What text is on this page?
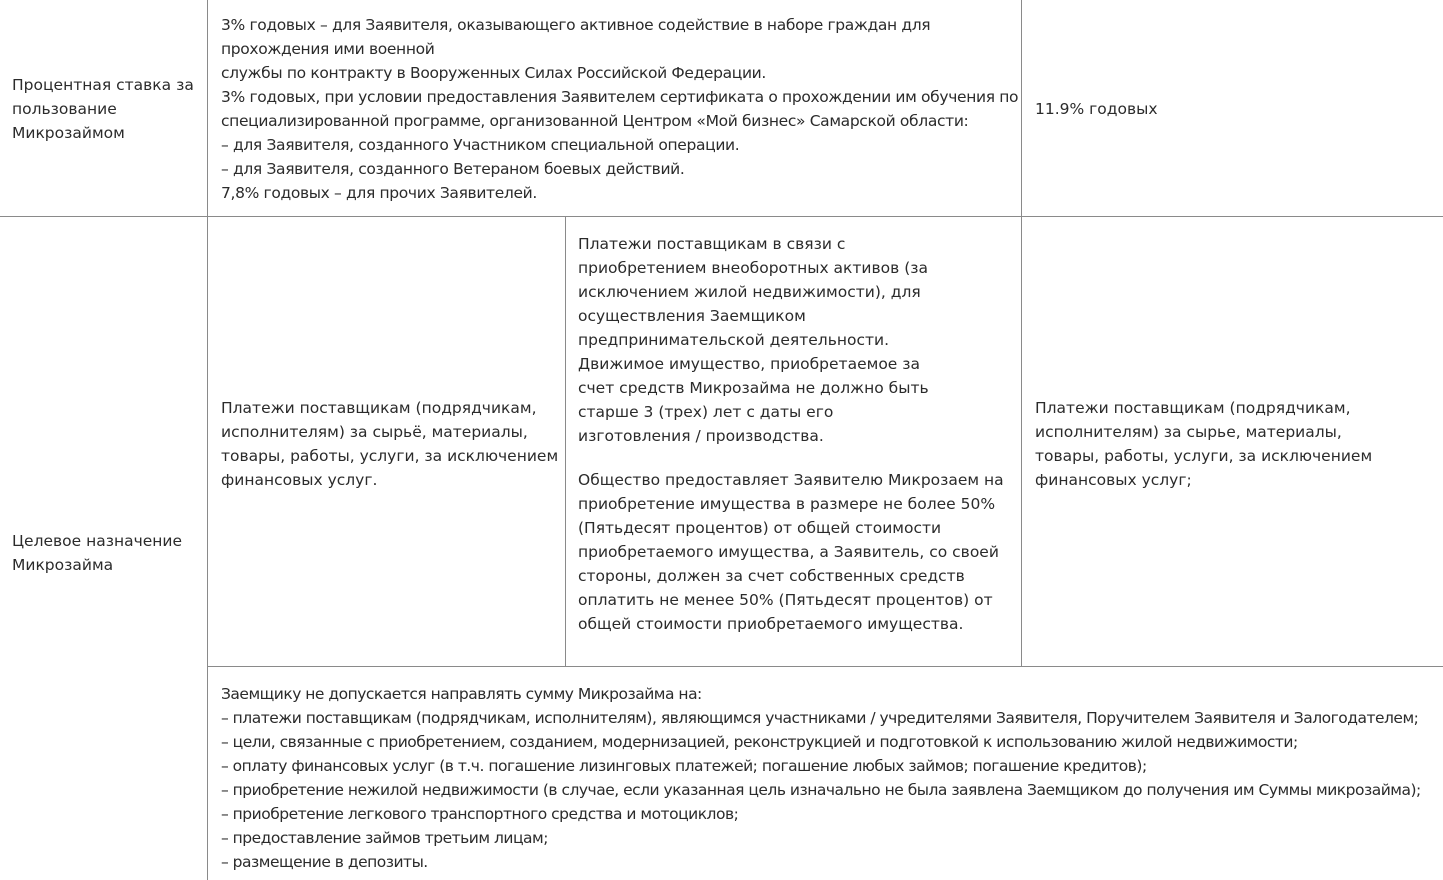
Процентная ставка за
пользование
Микрозаймом
3% годовых – для Заявителя, оказывающего активное содействие в наборе граждан для
прохождения ими военной
службы по контракту в Вооруженных Силах Российской Федерации.
3% годовых, при условии предоставления Заявителем сертификата о прохождении им обучения по
специализированной программе, организованной Центром «Мой бизнес» Самарской области:
– для Заявителя, созданного Участником специальной операции.
– для Заявителя, созданного Ветераном боевых действий.
7,8% годовых – для прочих Заявителей.
11.9% годовых
Целевое назначение
Микрозайма
Платежи поставщикам (подрядчикам,
исполнителям) за сырьё, материалы,
товары, работы, услуги, за исключением
финансовых услуг.
Платежи поставщикам в связи с
приобретением внеоборотных активов (за
исключением жилой недвижимости), для
осуществления Заемщиком
предпринимательской деятельности.
Движимое имущество, приобретаемое за
счет средств Микрозайма не должно быть
старше 3 (трех) лет с даты его
изготовления / производства.
Общество предоставляет Заявителю Микрозаем на
приобретение имущества в размере не более 50%
(Пятьдесят процентов) от общей стоимости
приобретаемого имущества, а Заявитель, со своей
стороны, должен за счет собственных средств
оплатить не менее 50% (Пятьдесят процентов) от
общей стоимости приобретаемого имущества.
Платежи поставщикам (подрядчикам,
исполнителям) за сырье, материалы,
товары, работы, услуги, за исключением
финансовых услуг;
Заемщику не допускается направлять сумму Микрозайма на:
– платежи поставщикам (подрядчикам, исполнителям), являющимся участниками / учредителями Заявителя, Поручителем Заявителя и Залогодателем;
– цели, связанные с приобретением, созданием, модернизацией, реконструкцией и подготовкой к использованию жилой недвижимости;
– оплату финансовых услуг (в т.ч. погашение лизинговых платежей; погашение любых займов; погашение кредитов);
– приобретение нежилой недвижимости (в случае, если указанная цель изначально не была заявлена Заемщиком до получения им Суммы микрозайма);
– приобретение легкового транспортного средства и мотоциклов;
– предоставление займов третьим лицам;
– размещение в депозиты.
